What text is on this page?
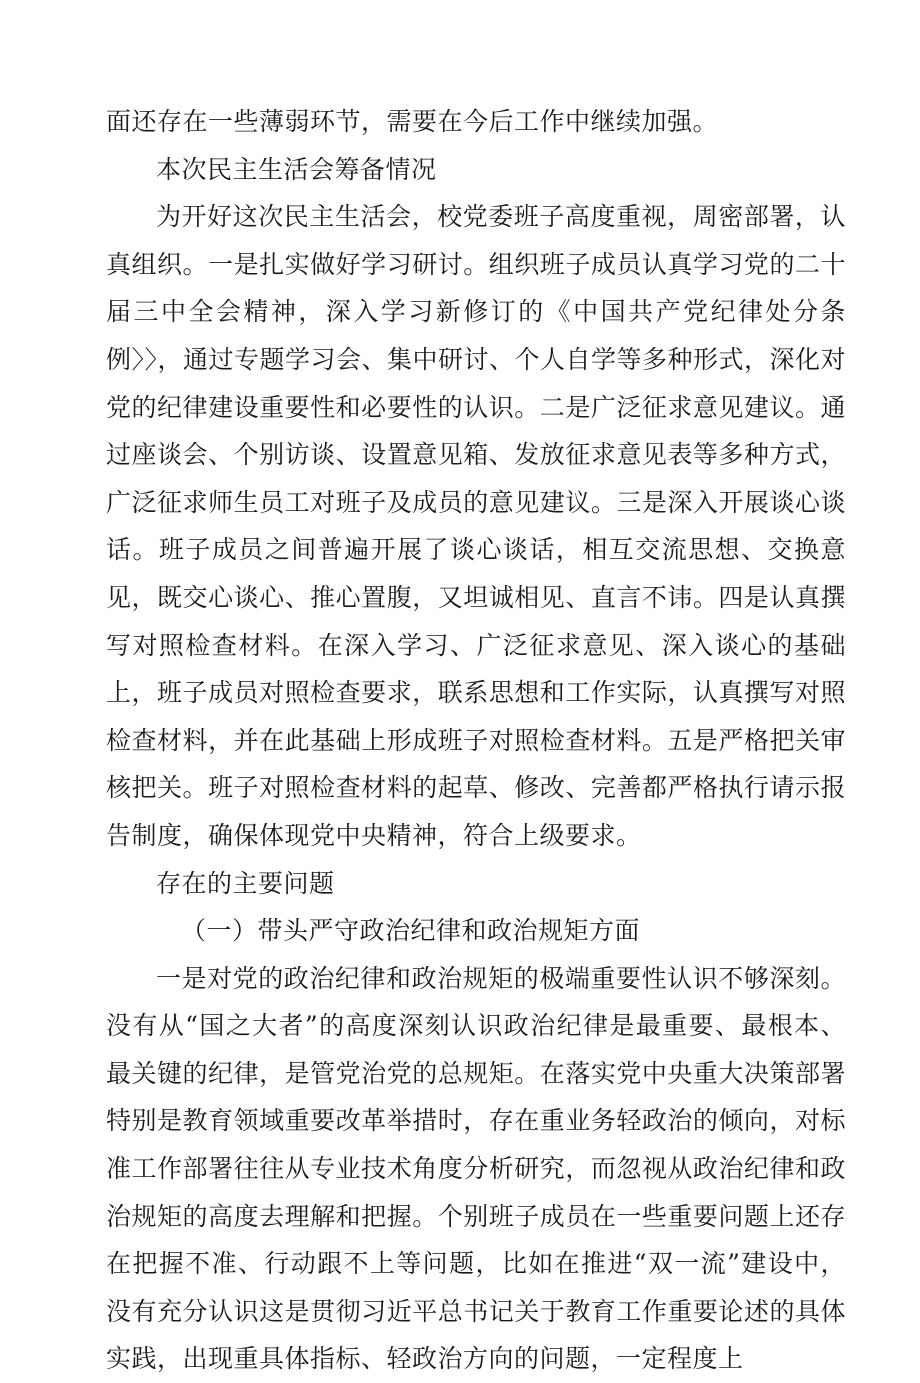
面还存在一些薄弱环节，需要在今后工作中继续加强。

本次民主生活会筹备情况

为开好这次民主生活会，校党委班子高度重视，周密部署，认真组织。一是扎实做好学习研讨。组织班子成员认真学习党的二十届三中全会精神，深入学习新修订的《中国共产党纪律处分条例〉〉，通过专题学习会、集中研讨、个人自学等多种形式，深化对党的纪律建设重要性和必要性的认识。二是广泛征求意见建议。通过座谈会、个别访谈、设置意见箱、发放征求意见表等多种方式，广泛征求师生员工对班子及成员的意见建议。三是深入开展谈心谈话。班子成员之间普遍开展了谈心谈话，相互交流思想、交换意见，既交心谈心、推心置腹，又坦诚相见、直言不讳。四是认真撰写对照检查材料。在深入学习、广泛征求意见、深入谈心的基础上，班子成员对照检查要求，联系思想和工作实际，认真撰写对照检查材料，并在此基础上形成班子对照检查材料。五是严格把关审核把关。班子对照检查材料的起草、修改、完善都严格执行请示报告制度，确保体现党中央精神，符合上级要求。

存在的主要问题

（一）带头严守政治纪律和政治规矩方面

一是对党的政治纪律和政治规矩的极端重要性认识不够深刻。没有从“国之大者”的高度深刻认识政治纪律是最重要、最根本、最关键的纪律，是管党治党的总规矩。在落实党中央重大决策部署特别是教育领域重要改革举措时，存在重业务轻政治的倾向，对标准工作部署往往从专业技术角度分析研究，而忽视从政治纪律和政治规矩的高度去理解和把握。个别班子成员在一些重要问题上还存在把握不准、行动跟不上等问题，比如在推进“双一流”建设中，没有充分认识这是贯彻习近平总书记关于教育工作重要论述的具体实践，出现重具体指标、轻政治方向的问题，一定程度上
